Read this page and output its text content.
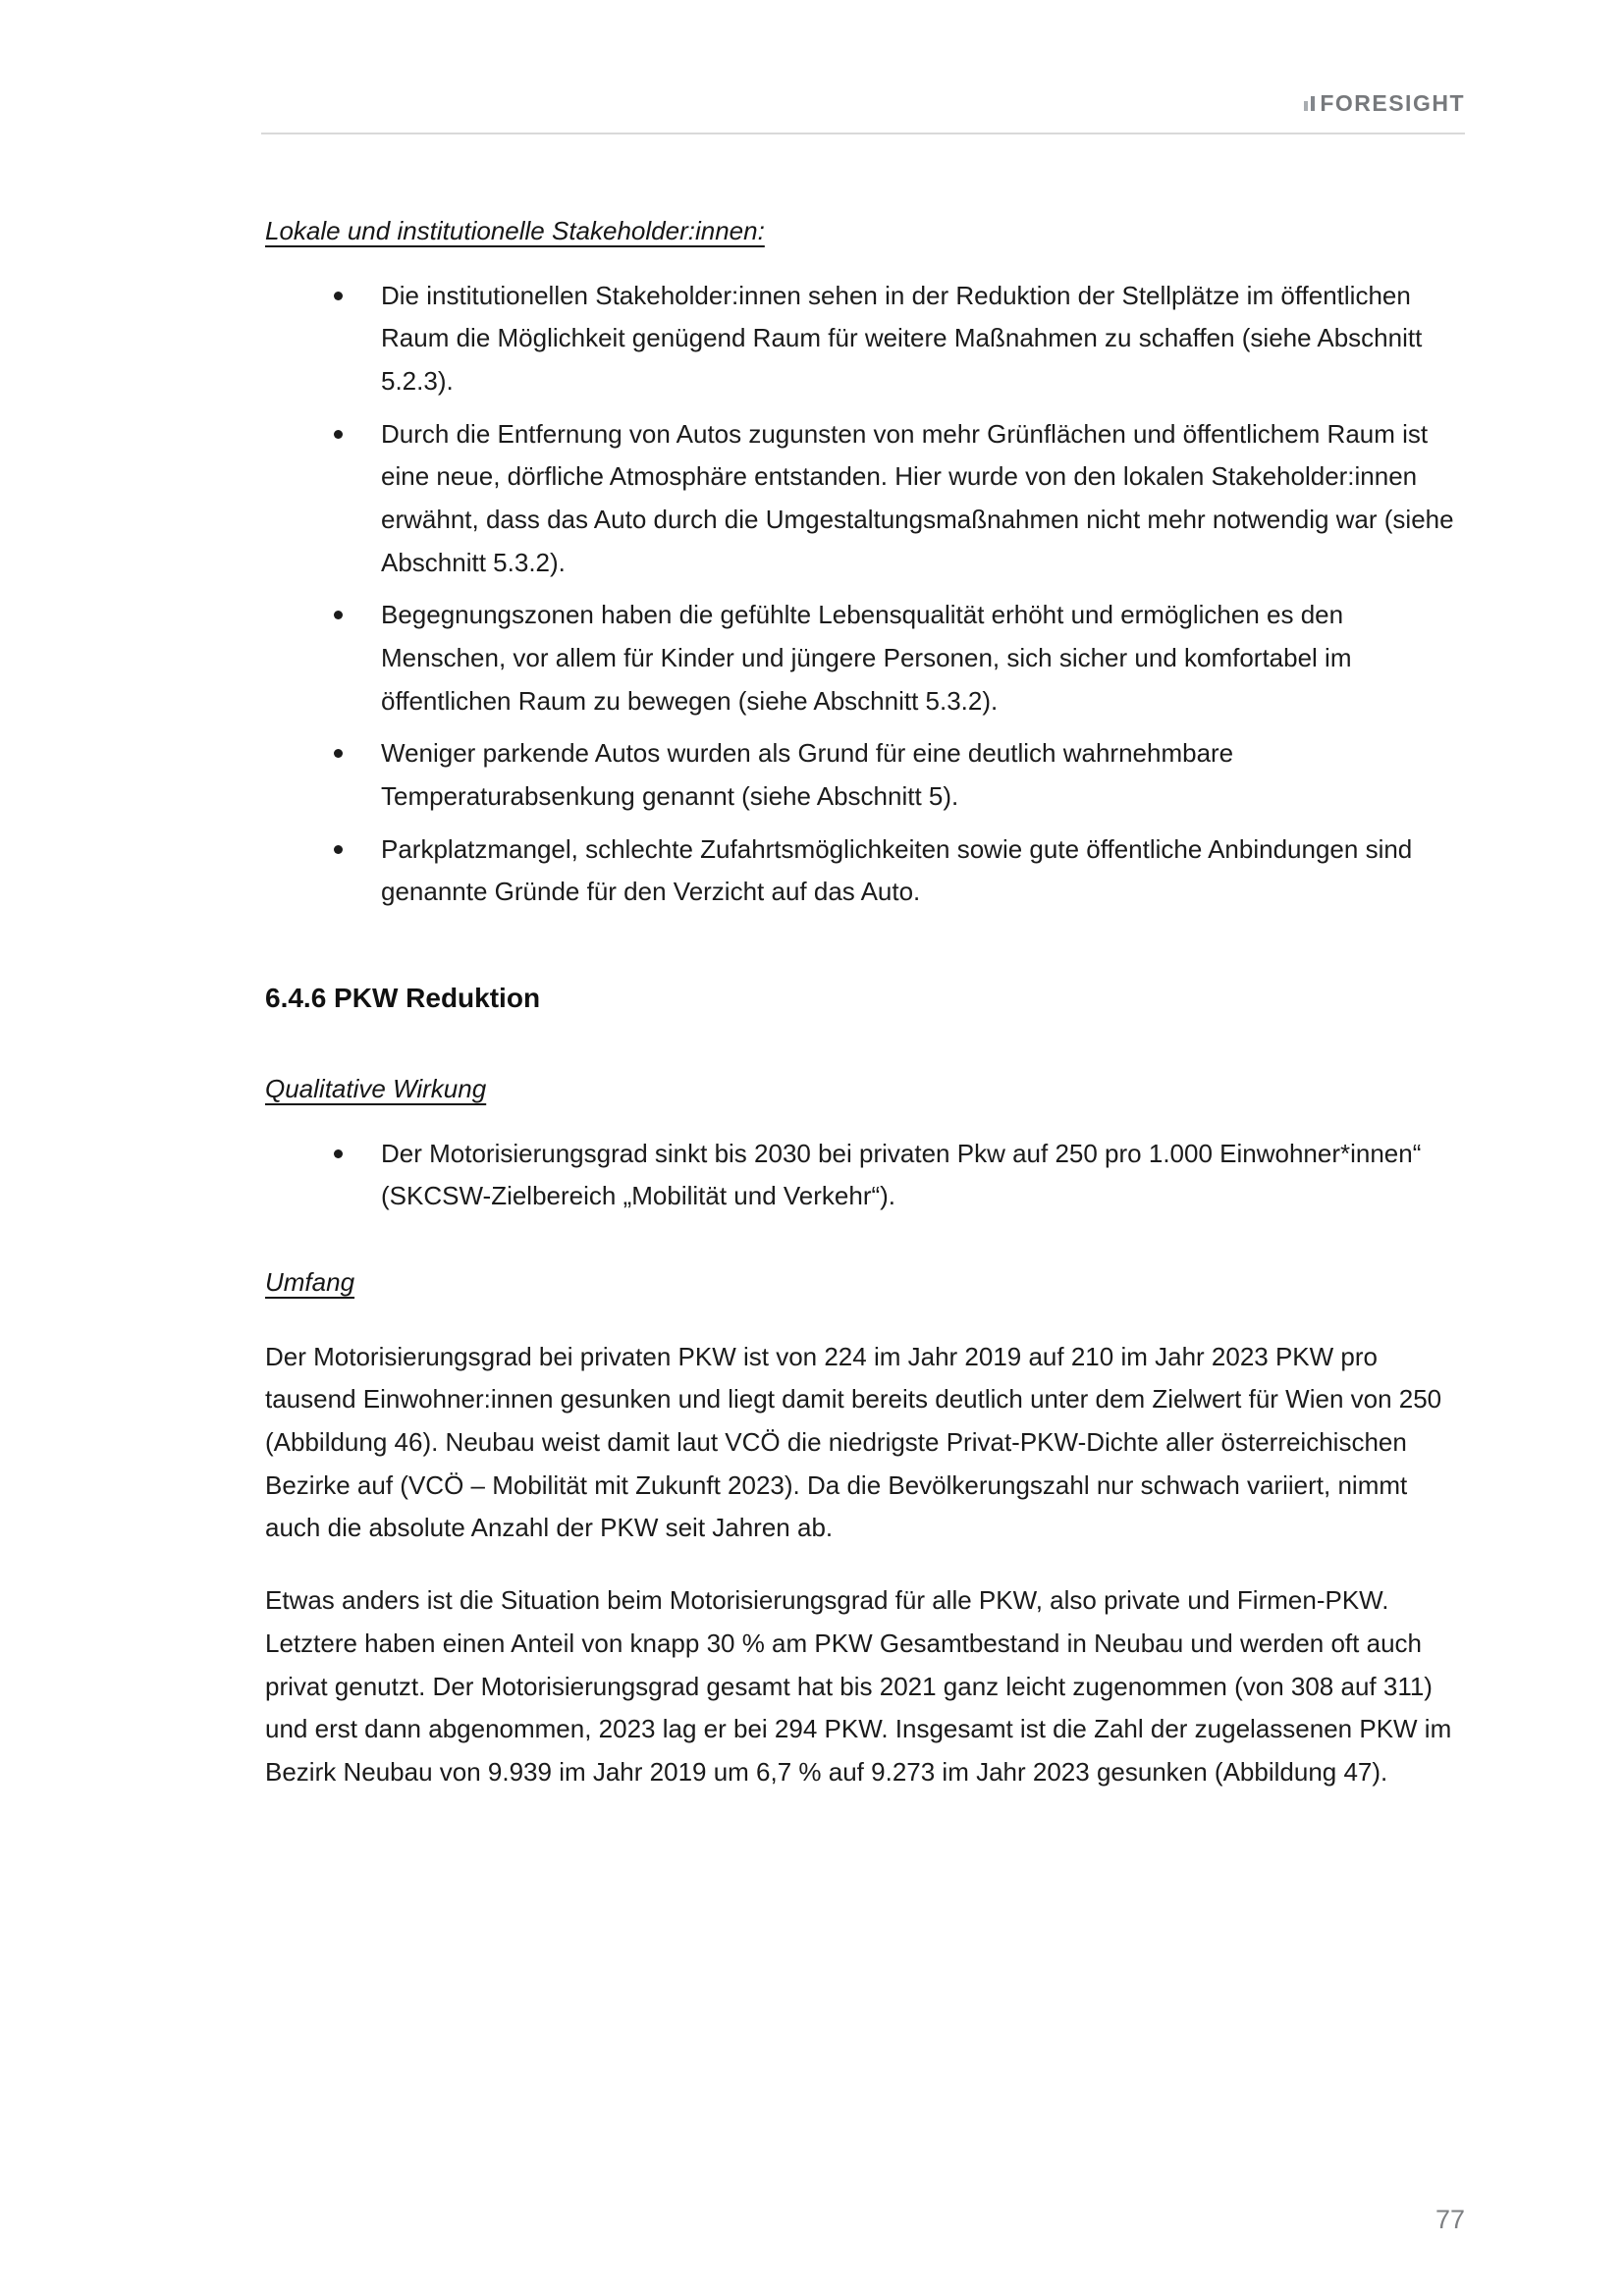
FORESIGHT
Lokale und institutionelle Stakeholder:innen:
Die institutionellen Stakeholder:innen sehen in der Reduktion der Stellplätze im öffentlichen Raum die Möglichkeit genügend Raum für weitere Maßnahmen zu schaffen (siehe Abschnitt 5.2.3).
Durch die Entfernung von Autos zugunsten von mehr Grünflächen und öffentlichem Raum ist eine neue, dörfliche Atmosphäre entstanden. Hier wurde von den lokalen Stakeholder:innen erwähnt, dass das Auto durch die Umgestaltungsmaßnahmen nicht mehr notwendig war (siehe Abschnitt 5.3.2).
Begegnungszonen haben die gefühlte Lebensqualität erhöht und ermöglichen es den Menschen, vor allem für Kinder und jüngere Personen, sich sicher und komfortabel im öffentlichen Raum zu bewegen (siehe Abschnitt 5.3.2).
Weniger parkende Autos wurden als Grund für eine deutlich wahrnehmbare Temperaturabsenkung genannt (siehe Abschnitt 5).
Parkplatzmangel, schlechte Zufahrtsmöglichkeiten sowie gute öffentliche Anbindungen sind genannte Gründe für den Verzicht auf das Auto.
6.4.6 PKW Reduktion
Qualitative Wirkung
Der Motorisierungsgrad sinkt bis 2030 bei privaten Pkw auf 250 pro 1.000 Einwohner*innen“ (SKCSW-Zielbereich „Mobilität und Verkehr“).
Umfang

Der Motorisierungsgrad bei privaten PKW ist von 224 im Jahr 2019 auf 210 im Jahr 2023 PKW pro tausend Einwohner:innen gesunken und liegt damit bereits deutlich unter dem Zielwert für Wien von 250 (Abbildung 46). Neubau weist damit laut VCÖ die niedrigste Privat-PKW-Dichte aller österreichischen Bezirke auf (VCÖ – Mobilität mit Zukunft 2023). Da die Bevölkerungszahl nur schwach variiert, nimmt auch die absolute Anzahl der PKW seit Jahren ab.

Etwas anders ist die Situation beim Motorisierungsgrad für alle PKW, also private und Firmen-PKW. Letztere haben einen Anteil von knapp 30 % am PKW Gesamtbestand in Neubau und werden oft auch privat genutzt. Der Motorisierungsgrad gesamt hat bis 2021 ganz leicht zugenommen (von 308 auf 311) und erst dann abgenommen, 2023 lag er bei 294 PKW. Insgesamt ist die Zahl der zugelassenen PKW im Bezirk Neubau von 9.939 im Jahr 2019 um 6,7 % auf 9.273 im Jahr 2023 gesunken (Abbildung 47).

77
